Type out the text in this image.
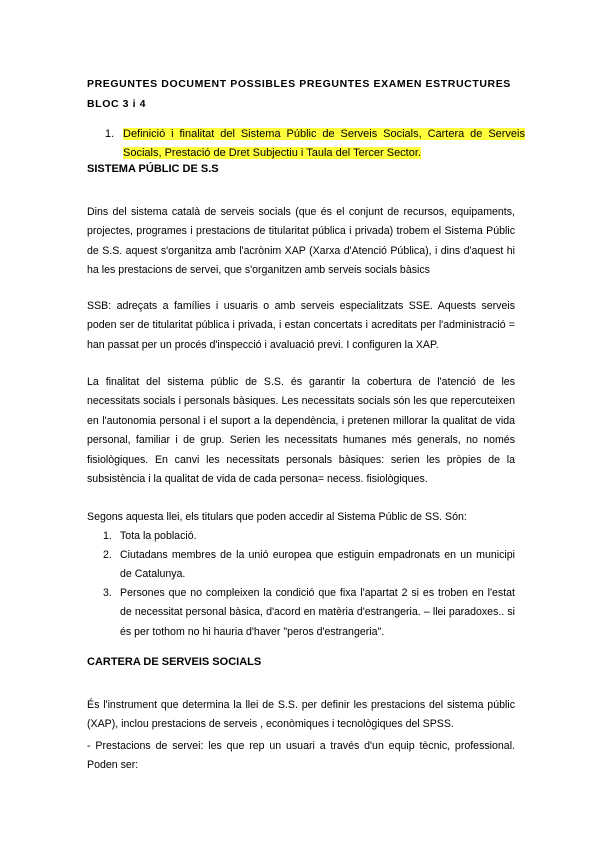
PREGUNTES DOCUMENT POSSIBLES PREGUNTES EXAMEN ESTRUCTURES BLOC 3 i 4
1. Definició i finalitat del Sistema Públic de Serveis Socials, Cartera de Serveis Socials, Prestació de Dret Subjectiu i Taula del Tercer Sector.
SISTEMA PÚBLIC DE S.S
Dins del sistema català de serveis socials (que és el conjunt de recursos, equipaments, projectes, programes i prestacions de titularitat pública i privada) trobem el Sistema Públic de S.S. aquest s'organitza amb l'acrònim XAP (Xarxa d'Atenció Pública), i dins d'aquest hi ha les prestacions de servei, que s'organitzen amb serveis socials bàsics
SSB: adreçats a famílies i usuaris o amb serveis especialitzats SSE. Aquests serveis poden ser de titularitat pública i privada, i estan concertats i acreditats per l'administració = han passat per un procés d'inspecció i avaluació previ. I configuren la XAP.
La finalitat del sistema públic de S.S. és garantir la cobertura de l'atenció de les necessitats socials i personals bàsiques. Les necessitats socials són les que repercuteixen en l'autonomia personal i el suport a la dependència, i pretenen millorar la qualitat de vida personal, familiar i de grup. Serien les necessitats humanes més generals, no només fisiològiques. En canvi les necessitats personals bàsiques: serien les pròpies de la subsistència i la qualitat de vida de cada persona= necess. fisiològiques.
Segons aquesta llei, els titulars que poden accedir al Sistema Públic de SS. Són:
1. Tota la població.
2. Ciutadans membres de la unió europea que estiguin empadronats en un municipi de Catalunya.
3. Persones que no compleixen la condició que fixa l'apartat 2 si es troben en l'estat de necessitat personal bàsica, d'acord en matèria d'estrangeria. – llei paradoxes.. si és per tothom no hi hauria d'haver "peros d'estrangeria".
CARTERA DE SERVEIS SOCIALS
És l'instrument que determina la llei de S.S. per definir les prestacions del sistema públic (XAP), inclou prestacions de serveis , econòmiques i tecnològiques del SPSS.
- Prestacions de servei: les que rep un usuari a través d'un equip tècnic, professional. Poden ser:
